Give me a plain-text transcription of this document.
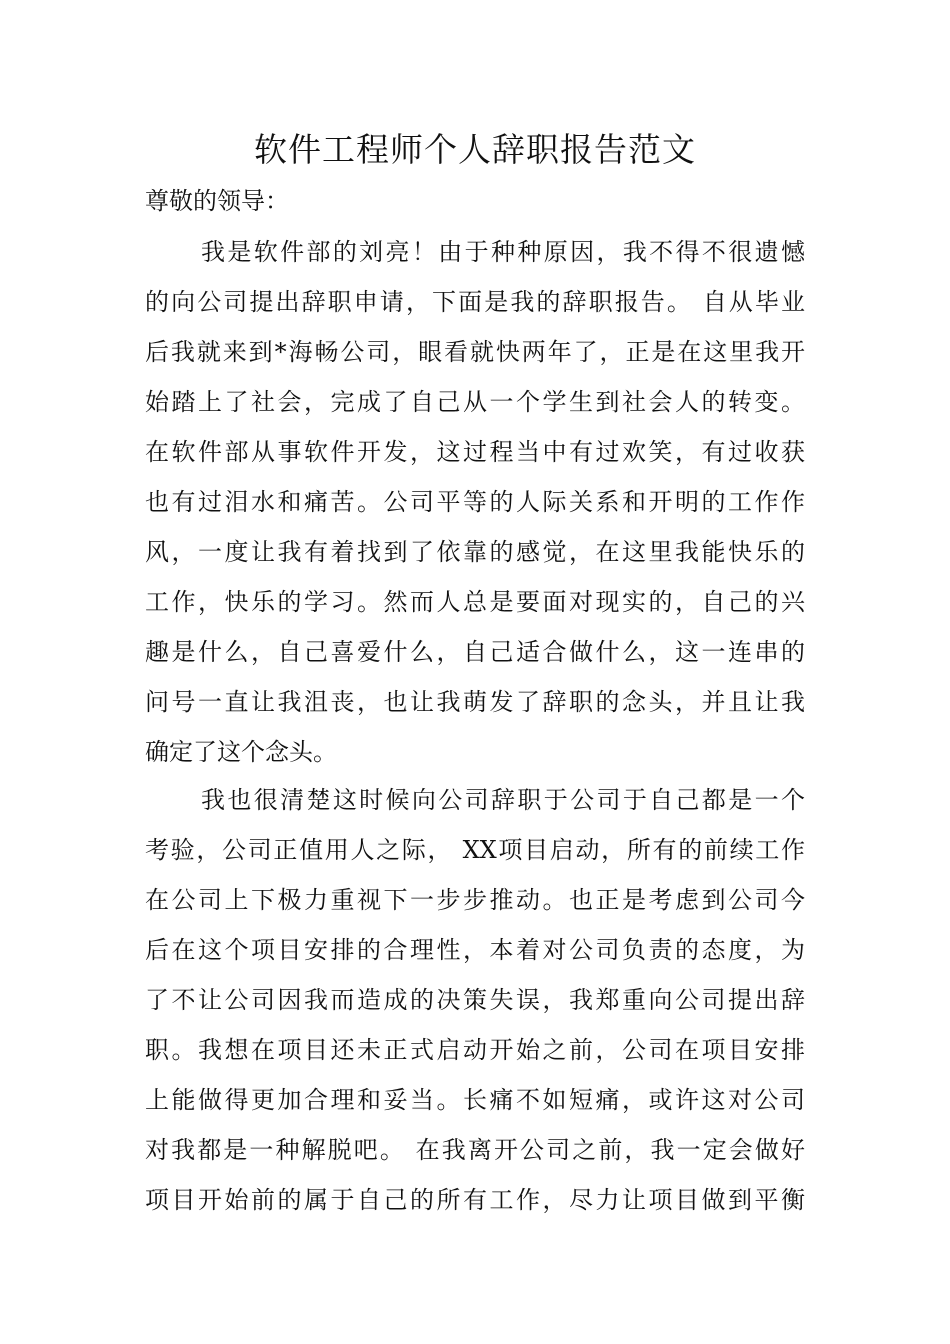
软件工程师个人辞职报告范文
尊敬的领导：
我是软件部的刘亮！由于种种原因，我不得不很遗憾
的向公司提出辞职申请，下面是我的辞职报告。 自从毕业
后我就来到*海畅公司，眼看就快两年了，正是在这里我开
始踏上了社会，完成了自己从一个学生到社会人的转变。
在软件部从事软件开发，这过程当中有过欢笑，有过收获
也有过泪水和痛苦。公司平等的人际关系和开明的工作作
风，一度让我有着找到了依靠的感觉，在这里我能快乐的
工作，快乐的学习。然而人总是要面对现实的，自己的兴
趣是什么，自己喜爱什么，自己适合做什么，这一连串的
问号一直让我沮丧，也让我萌发了辞职的念头，并且让我
确定了这个念头。
我也很清楚这时候向公司辞职于公司于自己都是一个
考验，公司正值用人之际， XX项目启动，所有的前续工作
在公司上下极力重视下一步步推动。也正是考虑到公司今
后在这个项目安排的合理性，本着对公司负责的态度，为
了不让公司因我而造成的决策失误，我郑重向公司提出辞
职。我想在项目还未正式启动开始之前，公司在项目安排
上能做得更加合理和妥当。长痛不如短痛，或许这对公司
对我都是一种解脱吧。 在我离开公司之前，我一定会做好
项目开始前的属于自己的所有工作，尽力让项目做到平衡
